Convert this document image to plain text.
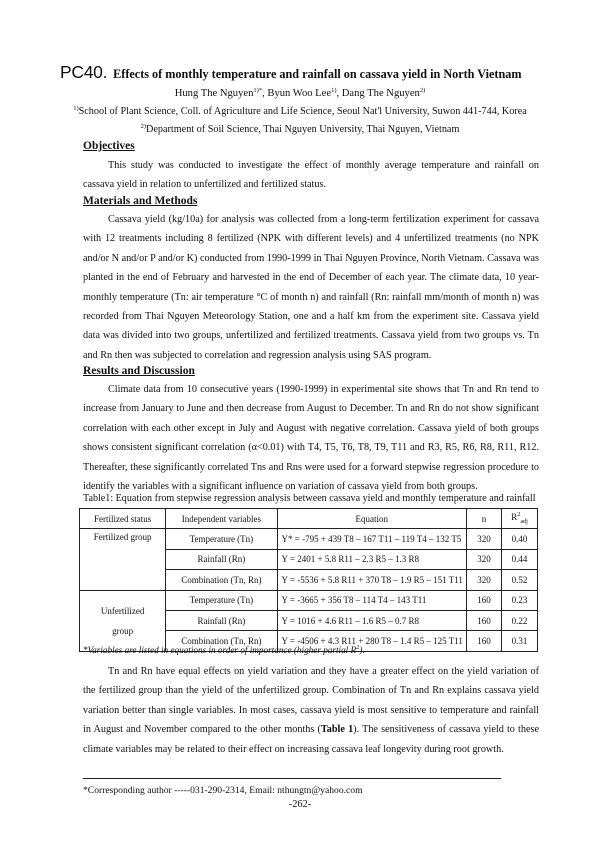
PC40. Effects of monthly temperature and rainfall on cassava yield in North Vietnam
Hung The Nguyen$^{1)*}$, Byun Woo Lee$^{1)}$, Dang The Nguyen$^{2)}$
$^{1)}$School of Plant Science, Coll. of Agriculture and Life Science, Seoul Nat'l University, Suwon 441-744, Korea
$^{2)}$Department of Soil Science, Thai Nguyen University, Thai Nguyen, Vietnam
Objectives

This study was conducted to investigate the effect of monthly average temperature and rainfall on cassava yield in relation to unfertilized and fertilized status.

Materials and Methods

Cassava yield (kg/10a) for analysis was collected from a long-term fertilization experiment for cassava with 12 treatments including 8 fertilized (NPK with different levels) and 4 unfertilized treatments (no NPK and/or N and/or P and/or K) conducted from 1990-1999 in Thai Nguyen Province, North Vietnam. Cassava was planted in the end of February and harvested in the end of December of each year. The climate data, 10 year-monthly temperature (Tn: air temperature °C of month n) and rainfall (Rn: rainfall mm/month of month n) was recorded from Thai Nguyen Meteorology Station, one and a half km from the experiment site. Cassava yield data was divided into two groups, unfertilized and fertilized treatments. Cassava yield from two groups vs. Tn and Rn then was subjected to correlation and regression analysis using SAS program.

Results and Discussion

Climate data from 10 consecutive years (1990-1999) in experimental site shows that Tn and Rn tend to increase from January to June and then decrease from August to December. Tn and Rn do not show significant correlation with each other except in July and August with negative correlation. Cassava yield of both groups shows consistent significant correlation (α<0.01) with T4, T5, T6, T8, T9, T11 and R3, R5, R6, R8, R11, R12. Thereafter, these significantly correlated Tns and Rns were used for a forward stepwise regression procedure to identify the variables with a significant influence on variation of cassava yield from both groups.

Table1: Equation from stepwise regression analysis between cassava yield and monthly temperature and rainfall
Fertilized status	Independent variables	Equation	n	$R^2_{adj}$
Fertilized group	Temperature (Tn)	Y* = -795 + 439 T8 – 167 T11 – 119 T4 – 132 T5	320	0.40
	Rainfall (Rn)	Y = 2401 + 5.8 R11 – 2.3 R5 – 1.3 R8	320	0.44
	Combination (Tn, Rn)	Y = -5536 + 5.8 R11 + 370 T8 – 1.9 R5 – 151 T11	320	0.52
Unfertilized
group	Temperature (Tn)	Y = -3665 + 356 T8 – 114 T4 – 143 T11	160	0.23
	Rainfall (Rn)	Y = 1016 + 4.6 R11 – 1.6 R5 – 0.7 R8	160	0.22
	Combination (Tn, Rn)	Y = -4506 + 4.3 R11 + 280 T8 – 1.4 R5 – 125 T11	160	0.31
*Variables are listed in equations in order of importance (higher partial $R^2$).

Tn and Rn have equal effects on yield variation and they have a greater effect on the yield variation of the fertilized group than the yield of the unfertilized group. Combination of Tn and Rn explains cassava yield variation better than single variables. In most cases, cassava yield is most sensitive to temperature and rainfall in August and November compared to the other months (Table 1). The sensitiveness of cassava yield to these climate variables may be related to their effect on increasing cassava leaf longevity during root growth.

*Corresponding author -----031-290-2314, Email: nthungtn@yahoo.com
-262-
